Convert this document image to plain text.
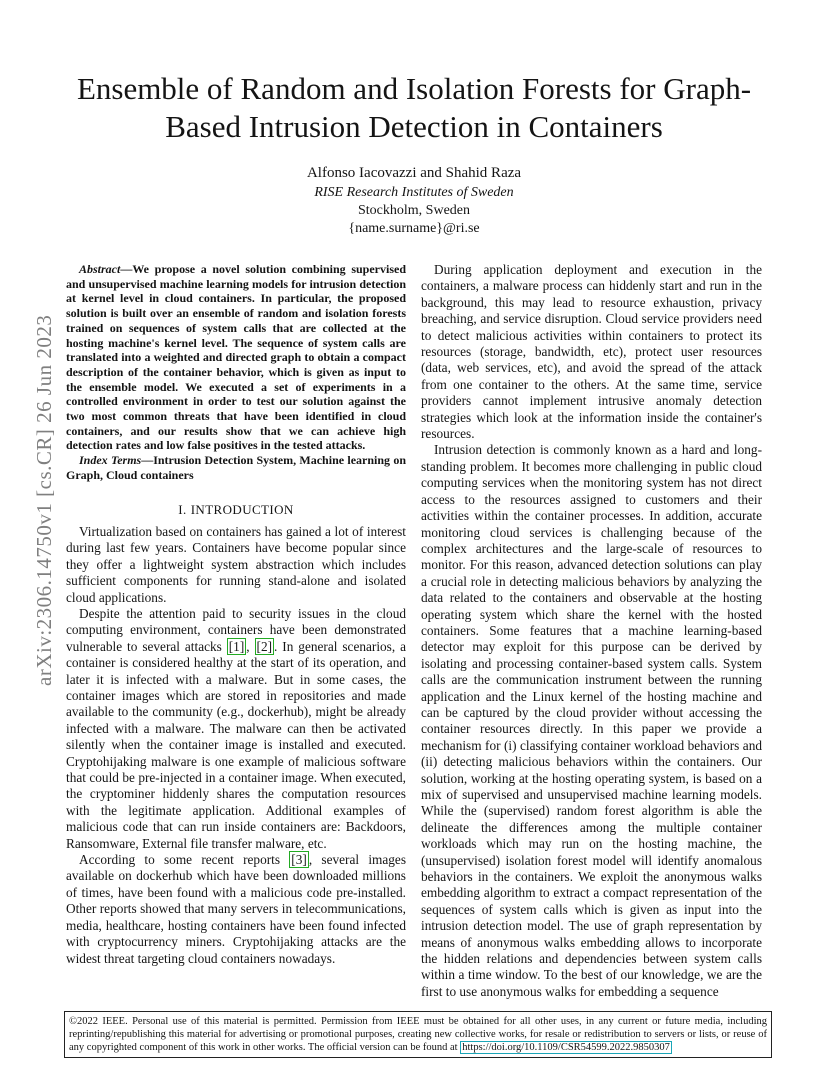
arXiv:2306.14750v1 [cs.CR] 26 Jun 2023
Ensemble of Random and Isolation Forests for Graph-Based Intrusion Detection in Containers
Alfonso Iacovazzi and Shahid Raza
RISE Research Institutes of Sweden
Stockholm, Sweden
{name.surname}@ri.se

Abstract—We propose a novel solution combining supervised and unsupervised machine learning models for intrusion detection at kernel level in cloud containers. In particular, the proposed solution is built over an ensemble of random and isolation forests trained on sequences of system calls that are collected at the hosting machine's kernel level. The sequence of system calls are translated into a weighted and directed graph to obtain a compact description of the container behavior, which is given as input to the ensemble model. We executed a set of experiments in a controlled environment in order to test our solution against the two most common threats that have been identified in cloud containers, and our results show that we can achieve high detection rates and low false positives in the tested attacks.

Index Terms—Intrusion Detection System, Machine learning on Graph, Cloud containers

I. INTRODUCTION

Virtualization based on containers has gained a lot of interest during last few years. Containers have become popular since they offer a lightweight system abstraction which includes sufficient components for running stand-alone and isolated cloud applications.

Despite the attention paid to security issues in the cloud computing environment, containers have been demonstrated vulnerable to several attacks [1] , [2] . In general scenarios, a container is considered healthy at the start of its operation, and later it is infected with a malware. But in some cases, the container images which are stored in repositories and made available to the community (e.g., dockerhub), might be already infected with a malware. The malware can then be activated silently when the container image is installed and executed. Cryptohijaking malware is one example of malicious software that could be pre-injected in a container image. When executed, the cryptominer hiddenly shares the computation resources with the legitimate application. Additional examples of malicious code that can run inside containers are: Backdoors, Ransomware, External file transfer malware, etc.

According to some recent reports [3] , several images available on dockerhub which have been downloaded millions of times, have been found with a malicious code pre-installed. Other reports showed that many servers in telecommunications, media, healthcare, hosting containers have been found infected with cryptocurrency miners. Cryptohijaking attacks are the widest threat targeting cloud containers nowadays.

During application deployment and execution in the containers, a malware process can hiddenly start and run in the background, this may lead to resource exhaustion, privacy breaching, and service disruption. Cloud service providers need to detect malicious activities within containers to protect its resources (storage, bandwidth, etc), protect user resources (data, web services, etc), and avoid the spread of the attack from one container to the others. At the same time, service providers cannot implement intrusive anomaly detection strategies which look at the information inside the container's resources.

Intrusion detection is commonly known as a hard and long-standing problem. It becomes more challenging in public cloud computing services when the monitoring system has not direct access to the resources assigned to customers and their activities within the container processes. In addition, accurate monitoring cloud services is challenging because of the complex architectures and the large-scale of resources to monitor. For this reason, advanced detection solutions can play a crucial role in detecting malicious behaviors by analyzing the data related to the containers and observable at the hosting operating system which share the kernel with the hosted containers. Some features that a machine learning-based detector may exploit for this purpose can be derived by isolating and processing container-based system calls. System calls are the communication instrument between the running application and the Linux kernel of the hosting machine and can be captured by the cloud provider without accessing the container resources directly. In this paper we provide a mechanism for (i) classifying container workload behaviors and (ii) detecting malicious behaviors within the containers. Our solution, working at the hosting operating system, is based on a mix of supervised and unsupervised machine learning models. While the (supervised) random forest algorithm is able the delineate the differences among the multiple container workloads which may run on the hosting machine, the (unsupervised) isolation forest model will identify anomalous behaviors in the containers. We exploit the anonymous walks embedding algorithm to extract a compact representation of the sequences of system calls which is given as input into the intrusion detection model. The use of graph representation by means of anonymous walks embedding allows to incorporate the hidden relations and dependencies between system calls within a time window. To the best of our knowledge, we are the first to use anonymous walks for embedding a sequence

©2022 IEEE. Personal use of this material is permitted. Permission from IEEE must be obtained for all other uses, in any current or future media, including reprinting/republishing this material for advertising or promotional purposes, creating new collective works, for resale or redistribution to servers or lists, or reuse of any copyrighted component of this work in other works. The official version can be found at https://doi.org/10.1109/CSR54599.2022.9850307
